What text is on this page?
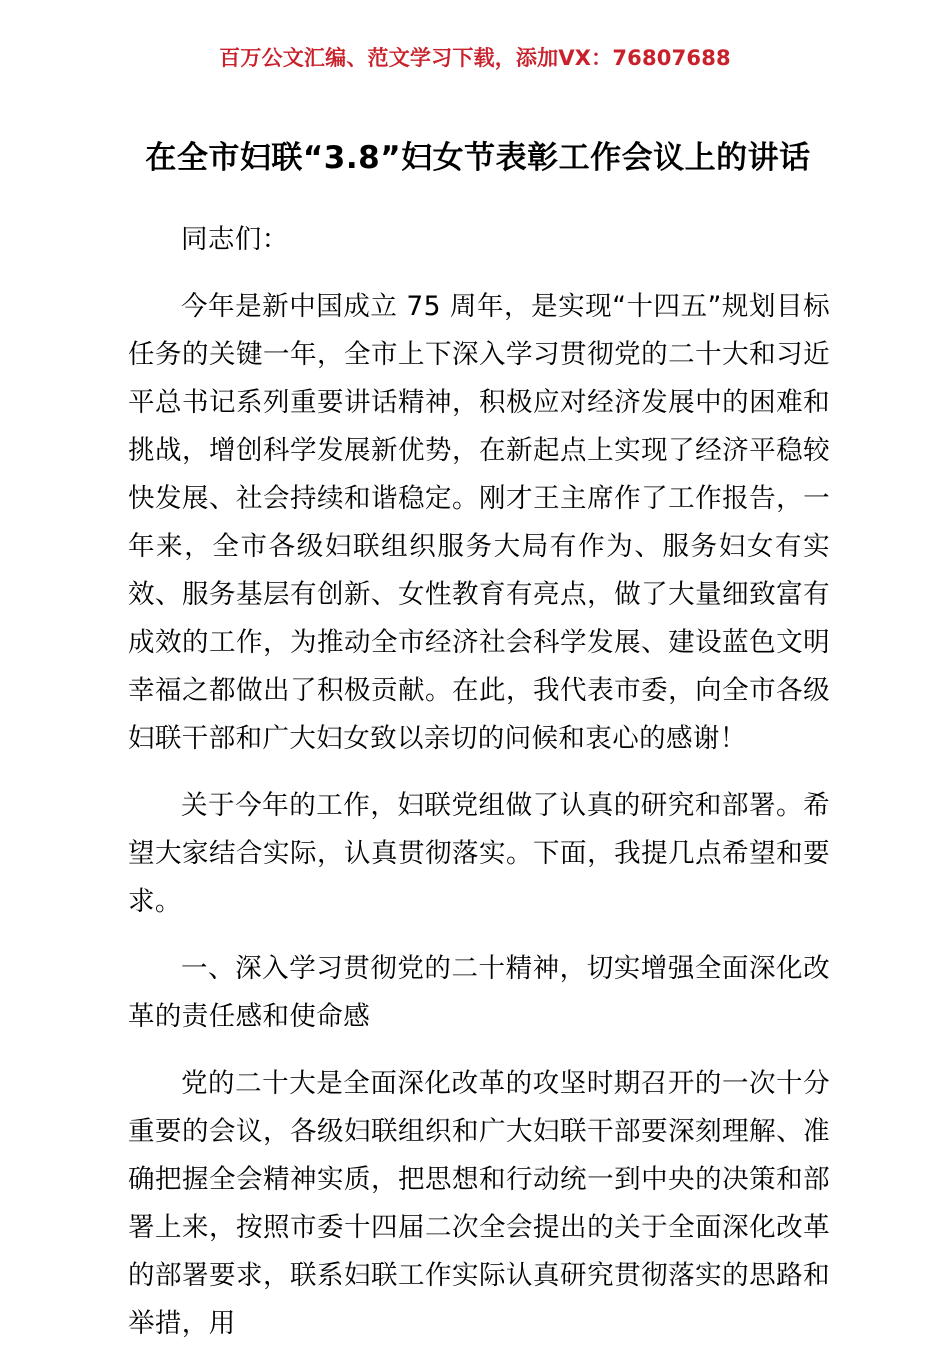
百万公文汇编、范文学习下载，添加VX：76807688
在全市妇联“3.8”妇女节表彰工作会议上的讲话

同志们：

今年是新中国成立 75 周年，是实现“十四五”规划目标任务的关键一年，全市上下深入学习贯彻党的二十大和习近平总书记系列重要讲话精神，积极应对经济发展中的困难和挑战，增创科学发展新优势，在新起点上实现了经济平稳较快发展、社会持续和谐稳定。刚才王主席作了工作报告，一年来，全市各级妇联组织服务大局有作为、服务妇女有实效、服务基层有创新、女性教育有亮点，做了大量细致富有成效的工作，为推动全市经济社会科学发展、建设蓝色文明幸福之都做出了积极贡献。在此，我代表市委，向全市各级妇联干部和广大妇女致以亲切的问候和衷心的感谢！

关于今年的工作，妇联党组做了认真的研究和部署。希望大家结合实际，认真贯彻落实。下面，我提几点希望和要求。

一、深入学习贯彻党的二十精神，切实增强全面深化改革的责任感和使命感

党的二十大是全面深化改革的攻坚时期召开的一次十分重要的会议，各级妇联组织和广大妇联干部要深刻理解、准确把握全会精神实质，把思想和行动统一到中央的决策和部署上来，按照市委十四届二次全会提出的关于全面深化改革的部署要求，联系妇联工作实际认真研究贯彻落实的思路和举措，用
